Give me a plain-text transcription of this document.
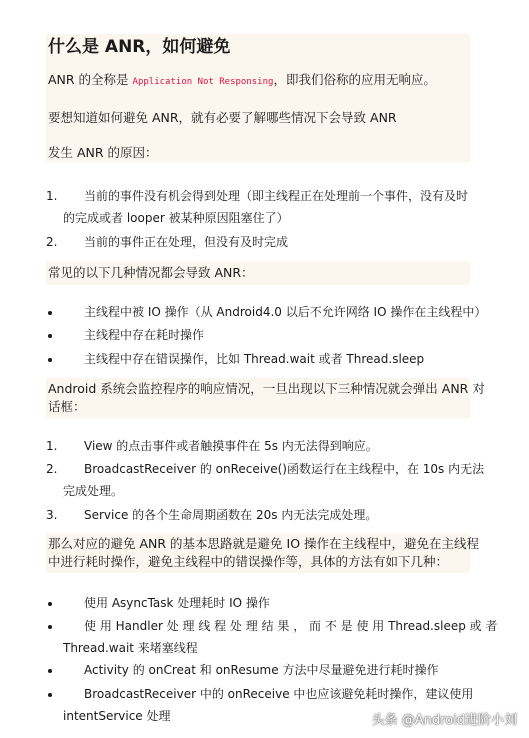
什么是 ANR，如何避免
ANR 的全称是 Application Not Responsing，即我们俗称的应用无响应。
要想知道如何避免 ANR，就有必要了解哪些情况下会导致 ANR
发生 ANR 的原因：
1. 当前的事件没有机会得到处理（即主线程正在处理前一个事件，没有及时
的完成或者 looper 被某种原因阻塞住了）
2. 当前的事件正在处理，但没有及时完成
常见的以下几种情况都会导致 ANR：
主线程中被 IO 操作（从 Android4.0 以后不允许网络 IO 操作在主线程中）
主线程中存在耗时操作
主线程中存在错误操作，比如 Thread.wait 或者 Thread.sleep
Android 系统会监控程序的响应情况，一旦出现以下三种情况就会弹出 ANR 对
话框：
1. View 的点击事件或者触摸事件在 5s 内无法得到响应。
2. BroadcastReceiver 的 onReceive()函数运行在主线程中，在 10s 内无法
完成处理。
3. Service 的各个生命周期函数在 20s 内无法完成处理。
那么对应的避免 ANR 的基本思路就是避免 IO 操作在主线程中，避免在主线程
中进行耗时操作，避免主线程中的错误操作等，具体的方法有如下几种：
使用 AsyncTask 处理耗时 IO 操作
使 用 Handler 处 理 线 程 处 理 结 果 ， 而 不 是 使 用 Thread.sleep 或 者
Thread.wait 来堵塞线程
Activity 的 onCreat 和 onResume 方法中尽量避免进行耗时操作
BroadcastReceiver 中的 onReceive 中也应该避免耗时操作，建议使用
intentService 处理	头条 @Android进阶小刘
